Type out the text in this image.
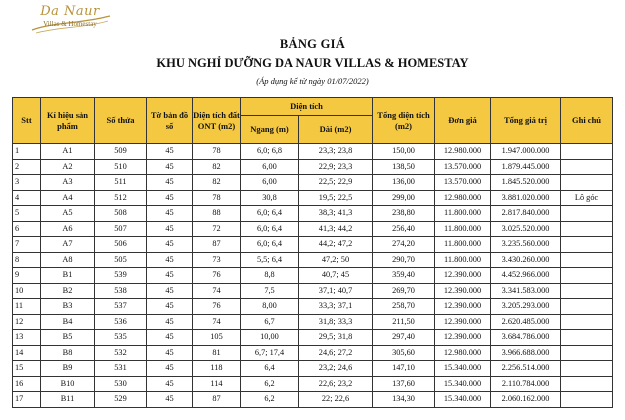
Da Naur
Villas & Homestay
BẢNG GIÁ
KHU NGHỈ DƯỠNG DA NAUR VILLAS & HOMESTAY
(Áp dụng kể từ ngày 01/07/2022)
Stt	Kí hiệu sản phẩm	Số thửa	Tờ bản đồ số	Diện tích đất ONT (m2)	Diện tích		Tổng diện tích (m2)	Đơn giá	Tổng giá trị	Ghi chú
					Ngang (m)	Dài (m2)				
1	A1	509	45	78	6,0; 6,8	23,3; 23,8	150,00	12.980.000	1.947.000.000	
2	A2	510	45	82	6,00	22,9; 23,3	138,50	13.570.000	1.879.445.000	
3	A3	511	45	82	6,00	22,5; 22,9	136,00	13.570.000	1.845.520.000	
4	A4	512	45	78	30,8	19,5; 22,5	299,00	12.980.000	3.881.020.000	Lô góc
5	A5	508	45	88	6,0; 6,4	38,3; 41,3	238,80	11.800.000	2.817.840.000	
6	A6	507	45	72	6,0; 6,4	41,3; 44,2	256,40	11.800.000	3.025.520.000	
7	A7	506	45	87	6,0; 6,4	44,2; 47,2	274,20	11.800.000	3.235.560.000	
8	A8	505	45	73	5,5; 6,4	47,2; 50	290,70	11.800.000	3.430.260.000	
9	B1	539	45	76	8,8	40,7; 45	359,40	12.390.000	4.452.966.000	
10	B2	538	45	74	7,5	37,1; 40,7	269,70	12.390.000	3.341.583.000	
11	B3	537	45	76	8,00	33,3; 37,1	258,70	12.390.000	3.205.293.000	
12	B4	536	45	74	6,7	31,8; 33,3	211,50	12.390.000	2.620.485.000	
13	B5	535	45	105	10,00	29,5; 31,8	297,40	12.390.000	3.684.786.000	
14	B8	532	45	81	6,7; 17,4	24,6; 27,2	305,60	12.980.000	3.966.688.000	
15	B9	531	45	118	6,4	23,2; 24,6	147,10	15.340.000	2.256.514.000	
16	B10	530	45	114	6,2	22,6; 23,2	137,60	15.340.000	2.110.784.000	
17	B11	529	45	87	6,2	22; 22,6	134,30	15.340.000	2.060.162.000	
